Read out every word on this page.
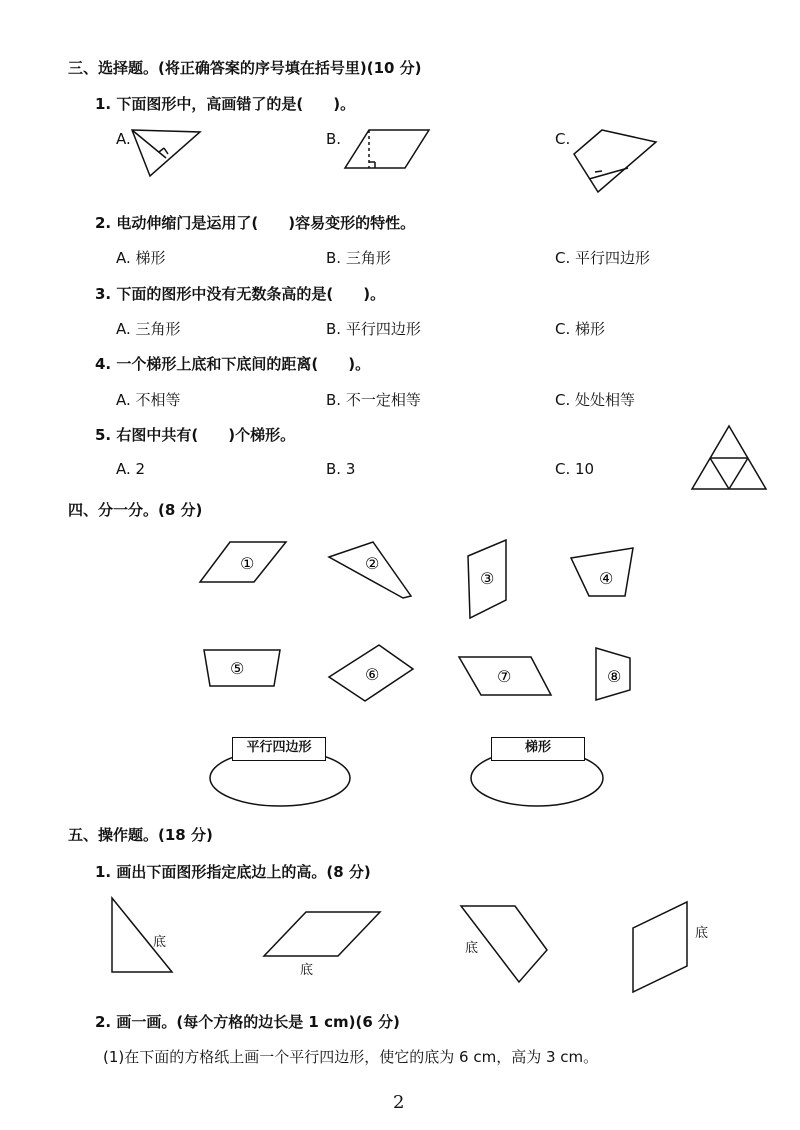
三、选择题。(将正确答案的序号填在括号里)(10 分)
1. 下面图形中，高画错了的是(　　)。
A.	B.	C.
2. 电动伸缩门是运用了(　　)容易变形的特性。
A. 梯形	B. 三角形	C. 平行四边形
3. 下面的图形中没有无数条高的是(　　)。
A. 三角形	B. 平行四边形	C. 梯形
4. 一个梯形上底和下底间的距离(　　)。
A. 不相等	B. 不一定相等	C. 处处相等
5. 右图中共有(　　)个梯形。
A. 2	B. 3	C. 10
四、分一分。(8 分)
①	②
③	④
⑤	⑥	⑦	⑧
平行四边形	梯形
五、操作题。(18 分)
1. 画出下面图形指定底边上的高。(8 分)
底
底
底
底
2. 画一画。(每个方格的边长是 1 cm)(6 分)
(1)在下面的方格纸上画一个平行四边形，使它的底为 6 cm，高为 3 cm。
2
